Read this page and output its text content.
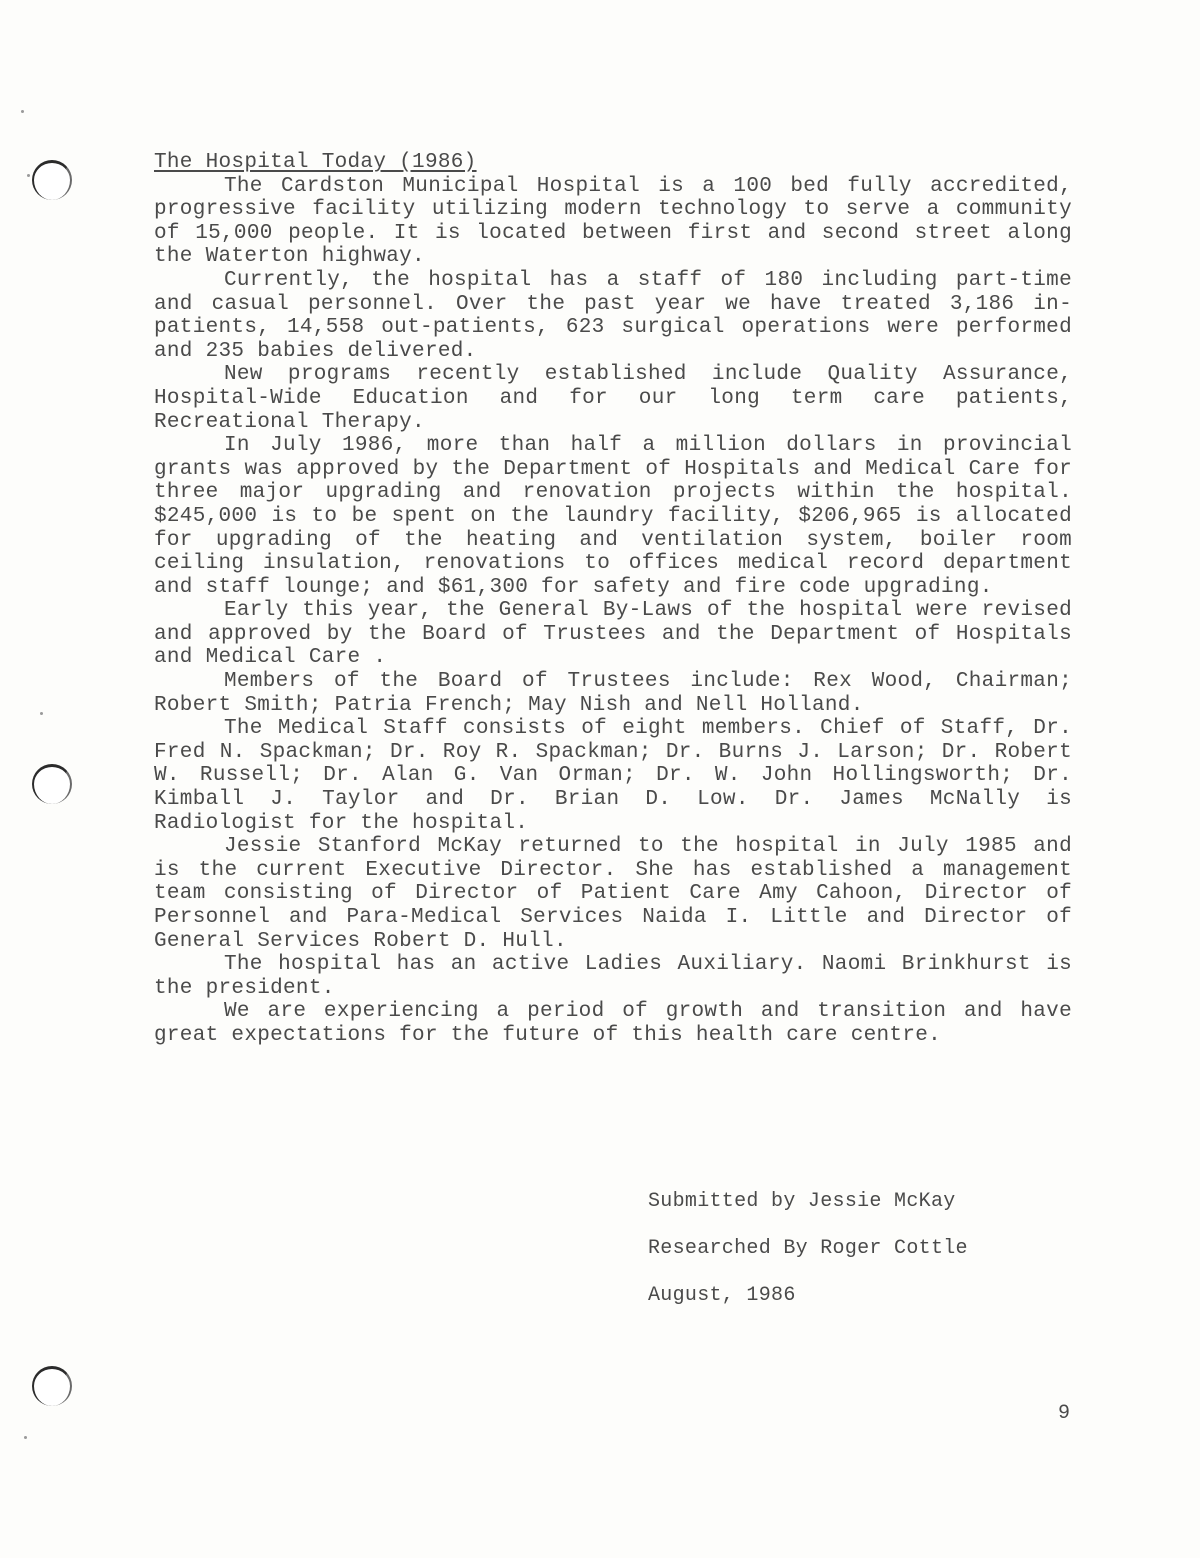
The Hospital Today (1986)

The Cardston Municipal Hospital is a 100 bed fully accredited, progressive facility utilizing modern technology to serve a community of 15,000 people. It is located between first and second street along the Waterton highway.

Currently, the hospital has a staff of 180 including part-time and casual personnel. Over the past year we have treated 3,186 in-patients, 14,558 out-patients, 623 surgical operations were performed and 235 babies delivered.

New programs recently established include Quality Assurance, Hospital-Wide Education and for our long term care patients, Recreational Therapy.

In July 1986, more than half a million dollars in provincial grants was approved by the Department of Hospitals and Medical Care for three major upgrading and renovation projects within the hospital. $245,000 is to be spent on the laundry facility, $206,965 is allocated for upgrading of the heating and ventilation system, boiler room ceiling insulation, renovations to offices medical record department and staff lounge; and $61,300 for safety and fire code upgrading.

Early this year, the General By-Laws of the hospital were revised and approved by the Board of Trustees and the Department of Hospitals and Medical Care .

Members of the Board of Trustees include: Rex Wood, Chairman; Robert Smith; Patria French; May Nish and Nell Holland.

The Medical Staff consists of eight members. Chief of Staff, Dr. Fred N. Spackman; Dr. Roy R. Spackman; Dr. Burns J. Larson; Dr. Robert W. Russell; Dr. Alan G. Van Orman; Dr. W. John Hollingsworth; Dr. Kimball J. Taylor and Dr. Brian D. Low. Dr. James McNally is Radiologist for the hospital.

Jessie Stanford McKay returned to the hospital in July 1985 and is the current Executive Director. She has established a management team consisting of Director of Patient Care Amy Cahoon, Director of Personnel and Para-Medical Services Naida I. Little and Director of General Services Robert D. Hull.

The hospital has an active Ladies Auxiliary. Naomi Brinkhurst is the president.

We are experiencing a period of growth and transition and have great expectations for the future of this health care centre.

Submitted by Jessie McKay
Researched By Roger Cottle
August, 1986
9
